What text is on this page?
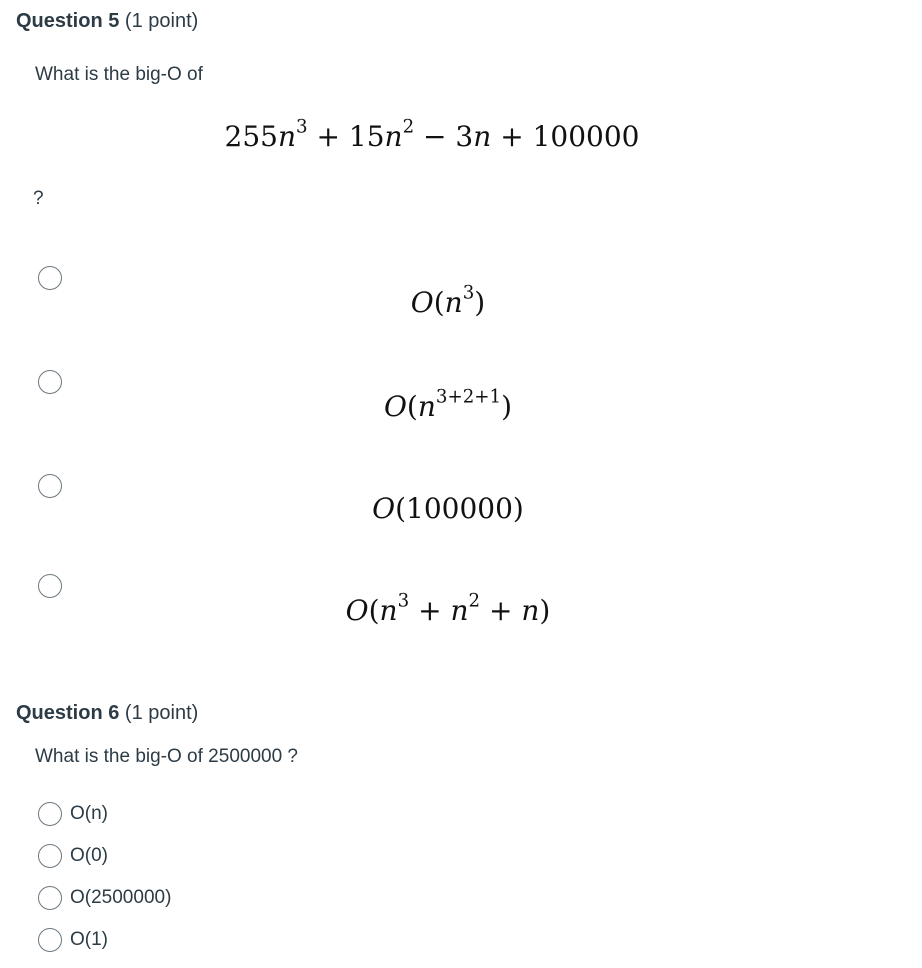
Question 5 (1 point)
What is the big-O of
$255n^3 + 15n^2 - 3n + 100000$
?
$O(n^3)$
$O(n^{3+2+1})$
O(100000)
$O(n^3 + n^2 + n)$
Question 6 (1 point)
What is the big-O of 2500000 ?
O(n)
O(0)
O(2500000)
O(1)
